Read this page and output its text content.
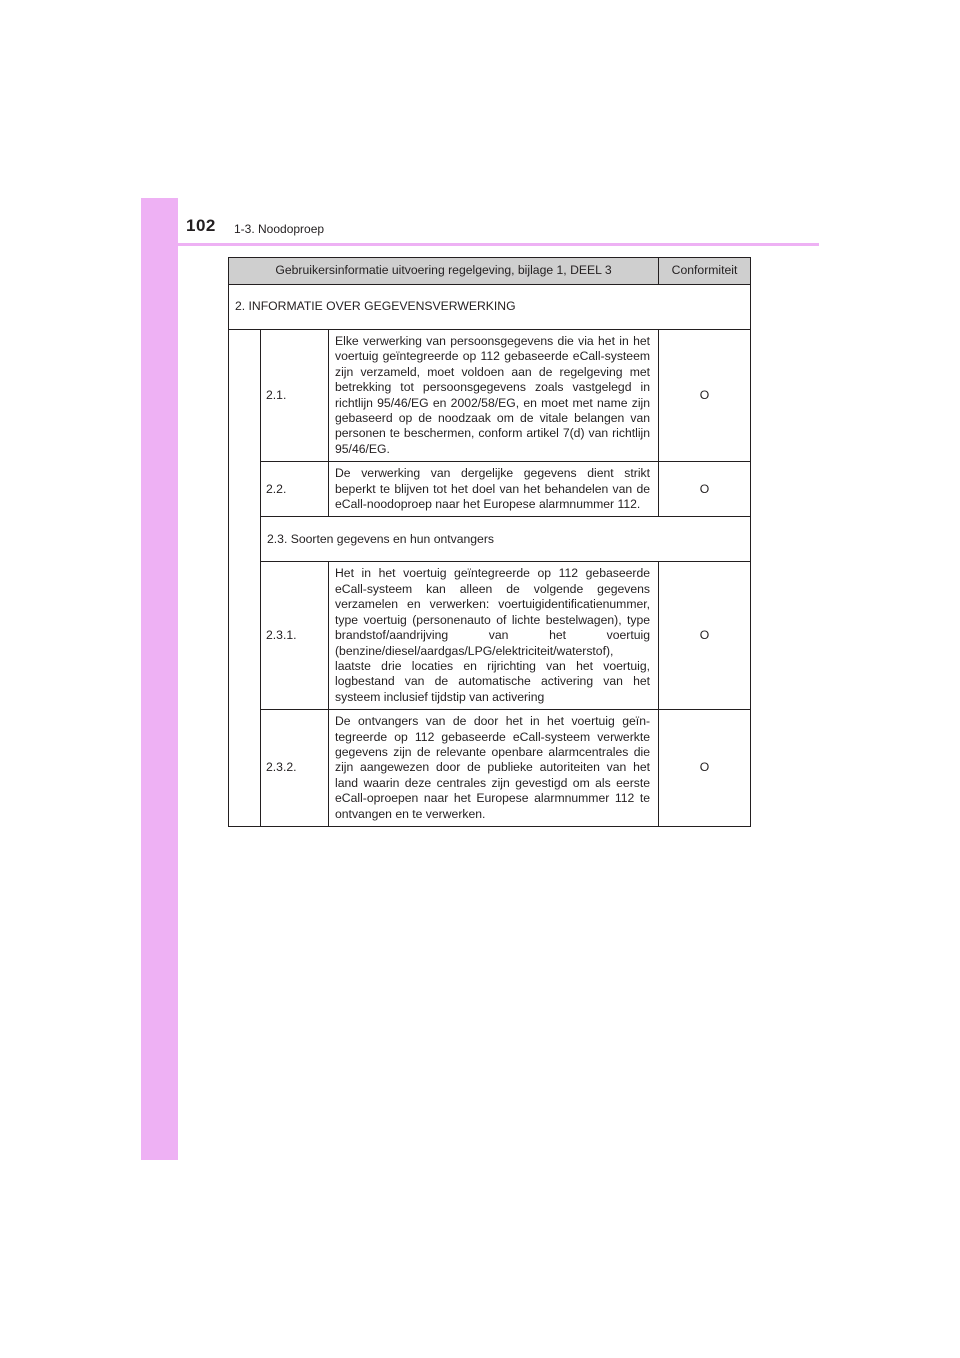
102 1-3. Noodoproep
Gebruikersinformatie uitvoering regelgeving, bijlage 1, DEEL 3			Conformiteit
2. INFORMATIE OVER GEGEVENSVERWERKING			
	2.1.	Elke verwerking van persoonsgegevens die via het in het voertuig geïntegreerde op 112 gebaseerde eCall-systeem zijn verzameld, moet voldoen aan de regelgeving met betrekking tot persoonsgegevens zoals vastgelegd in richtlijn 95/46/EG en 2002/58/EG, en moet met name zijn gebaseerd op de noodzaak om de vitale belangen van personen te beschermen, conform artikel 7(d) van richtlijn 95/46/EG.	O
	2.2.	De verwerking van dergelijke gegevens dient strikt beperkt te blijven tot het doel van het behandelen van de eCall-noodoproep naar het Europese alarmnummer 112.	O
	2.3. Soorten gegevens en hun ontvangers		
	2.3.1.	Het in het voertuig geïntegreerde op 112 gebaseerde eCall-systeem kan alleen de volgende gegevens verzamelen en verwerken: voertuigidentificatienummer, type voertuig (personenauto of lichte bestelwagen), type brandstof/aandrijving van het voertuig (benzine/diesel/aardgas/LPG/elektriciteit/waterstof), laatste drie locaties en rijrichting van het voertuig, logbestand van de automatische activering van het systeem inclusief tijdstip van activering	O
	2.3.2.	De ontvangers van de door het in het voertuig geïntegreerde op 112 gebaseerde eCall-systeem verwerkte gegevens zijn de relevante openbare alarmcentrales die zijn aangewezen door de publieke autoriteiten van het land waarin deze centrales zijn gevestigd om als eerste eCall-oproepen naar het Europese alarmnummer 112 te ontvangen en te verwerken.	O
